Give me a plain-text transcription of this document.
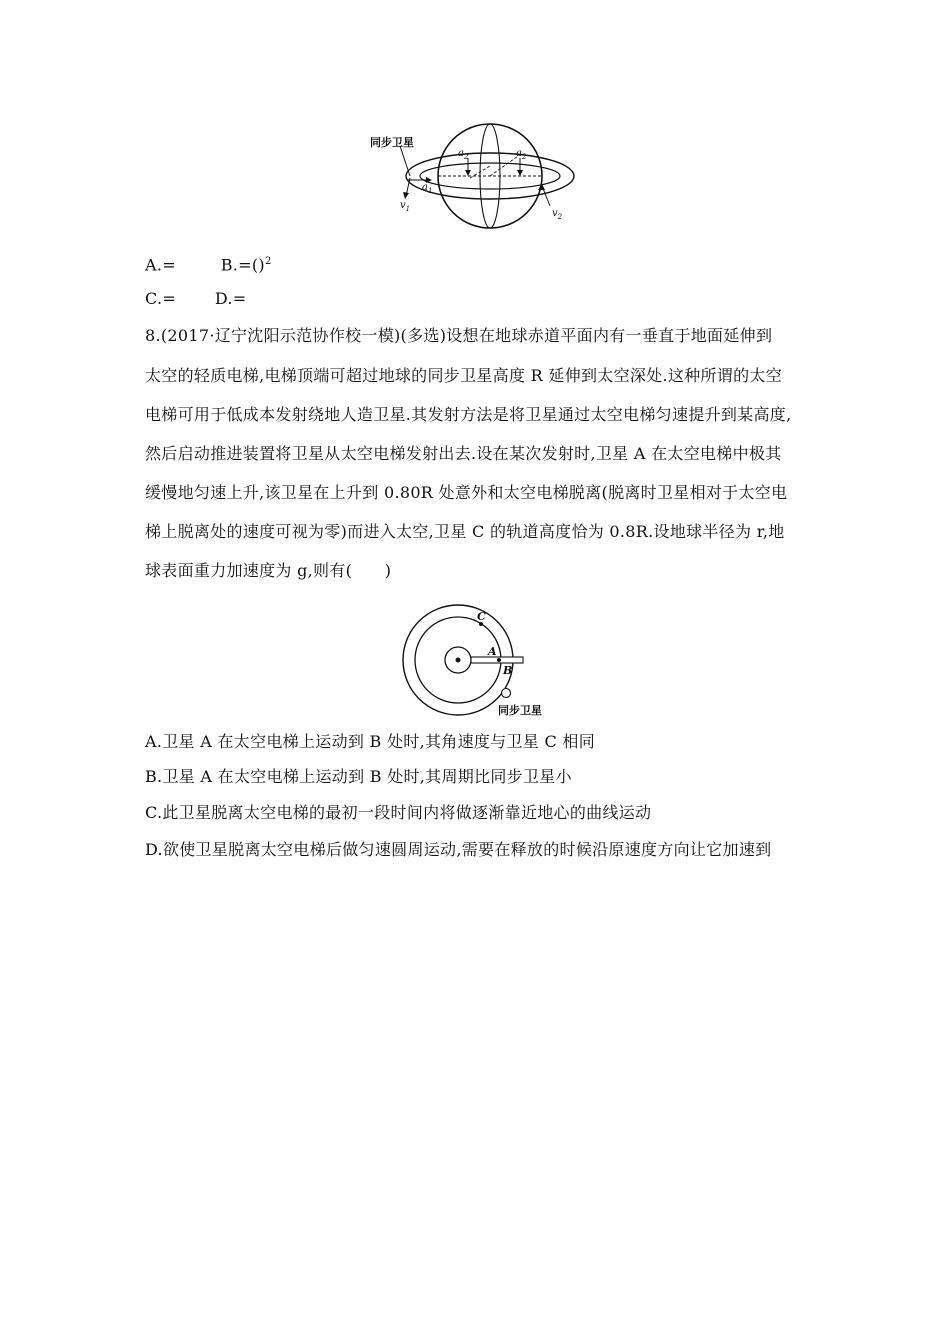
同步卫星
$a_2$	$a_2$
$a_1$
$v_1$	$v_2$
A.=	B.=()$^2$
C.= D.=
8.(2017·辽宁沈阳示范协作校一模)(多选)设想在地球赤道平面内有一垂直于地面延伸到
太空的轻质电梯,电梯顶端可超过地球的同步卫星高度 R 延伸到太空深处.这种所谓的太空
电梯可用于低成本发射绕地人造卫星.其发射方法是将卫星通过太空电梯匀速提升到某高度,
然后启动推进装置将卫星从太空电梯发射出去.设在某次发射时,卫星 A 在太空电梯中极其
缓慢地匀速上升,该卫星在上升到 0.80R 处意外和太空电梯脱离(脱离时卫星相对于太空电
梯上脱离处的速度可视为零)而进入太空,卫星 C 的轨道高度恰为 0.8R.设地球半径为 r,地
球表面重力加速度为 g,则有(　　)
C
A
B
同步卫星
A.卫星 A 在太空电梯上运动到 B 处时,其角速度与卫星 C 相同
B.卫星 A 在太空电梯上运动到 B 处时,其周期比同步卫星小
C.此卫星脱离太空电梯的最初一段时间内将做逐渐靠近地心的曲线运动
D.欲使卫星脱离太空电梯后做匀速圆周运动,需要在释放的时候沿原速度方向让它加速到
